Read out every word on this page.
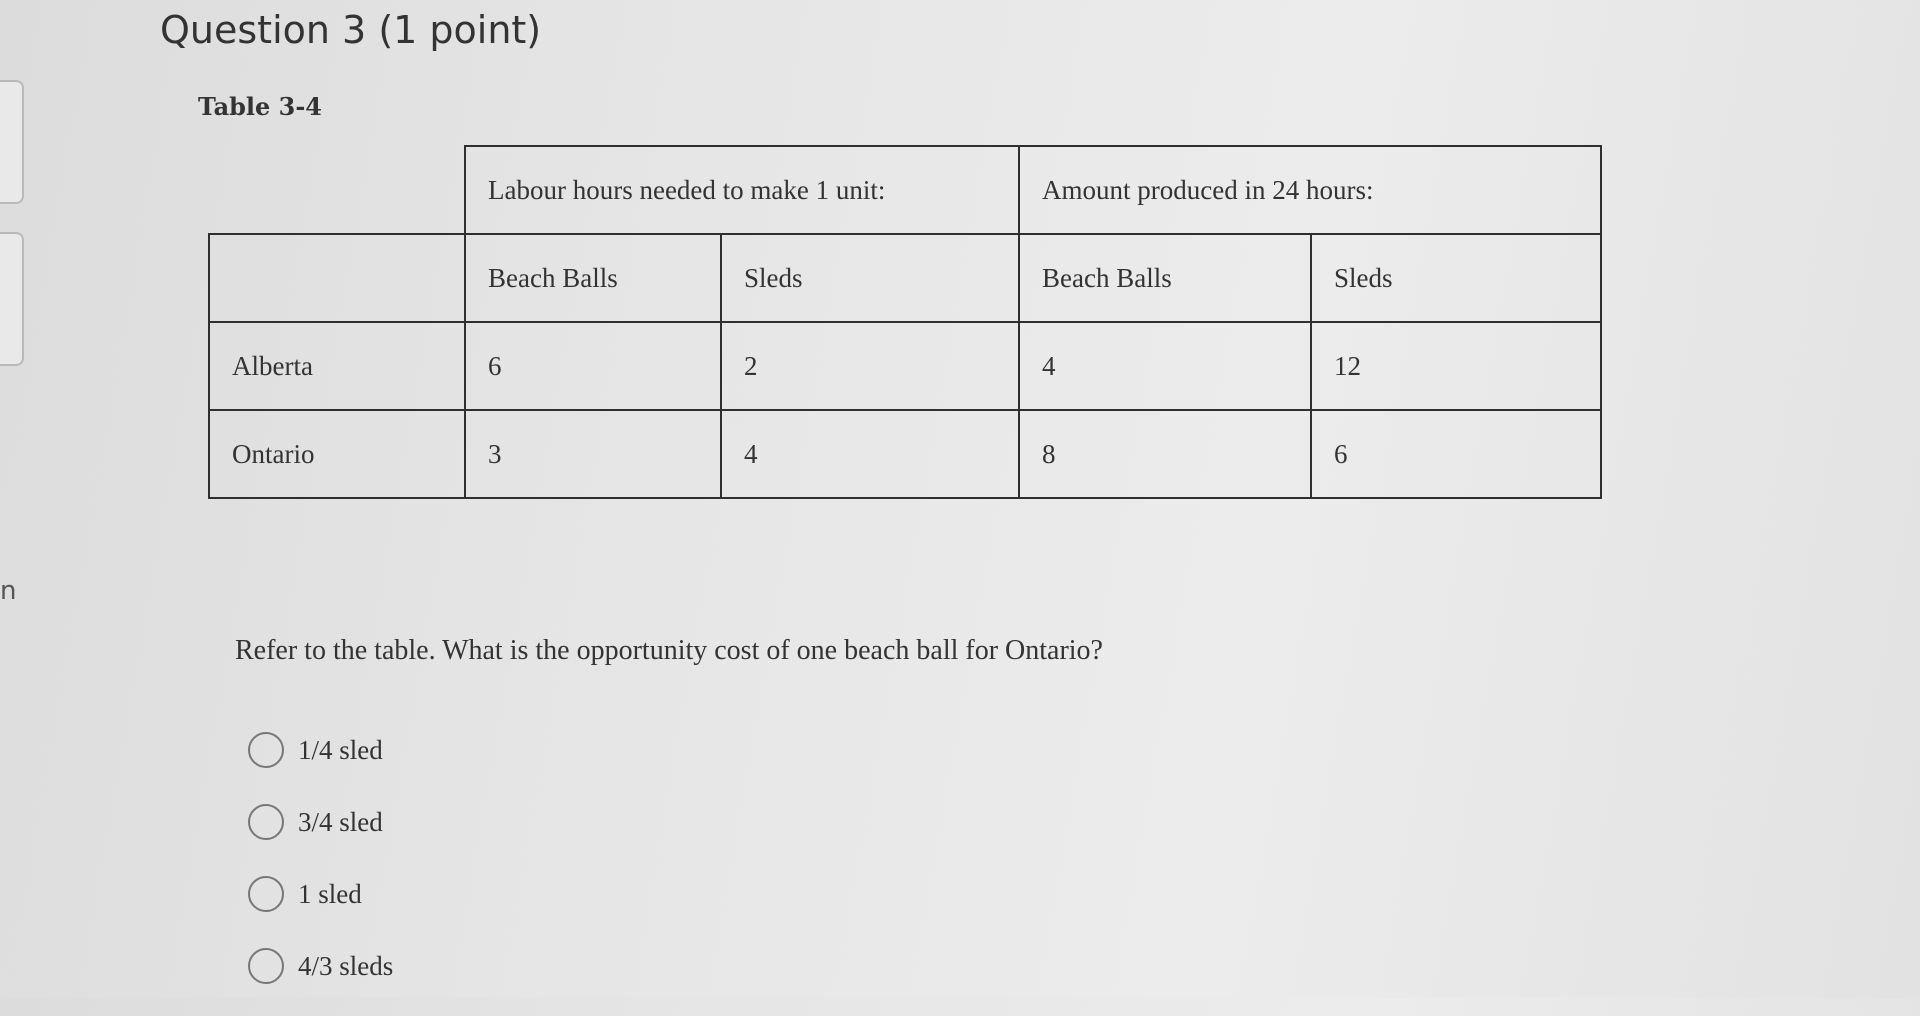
n
Question 3 (1 point)
Table 3-4
	Labour hours needed to make 1 unit:		Amount produced in 24 hours:	
	Beach Balls	Sleds	Beach Balls	Sleds
Alberta	6	2	4	12
Ontario	3	4	8	6
Refer to the table. What is the opportunity cost of one beach ball for Ontario?
1/4 sled
3/4 sled
1 sled
4/3 sleds
